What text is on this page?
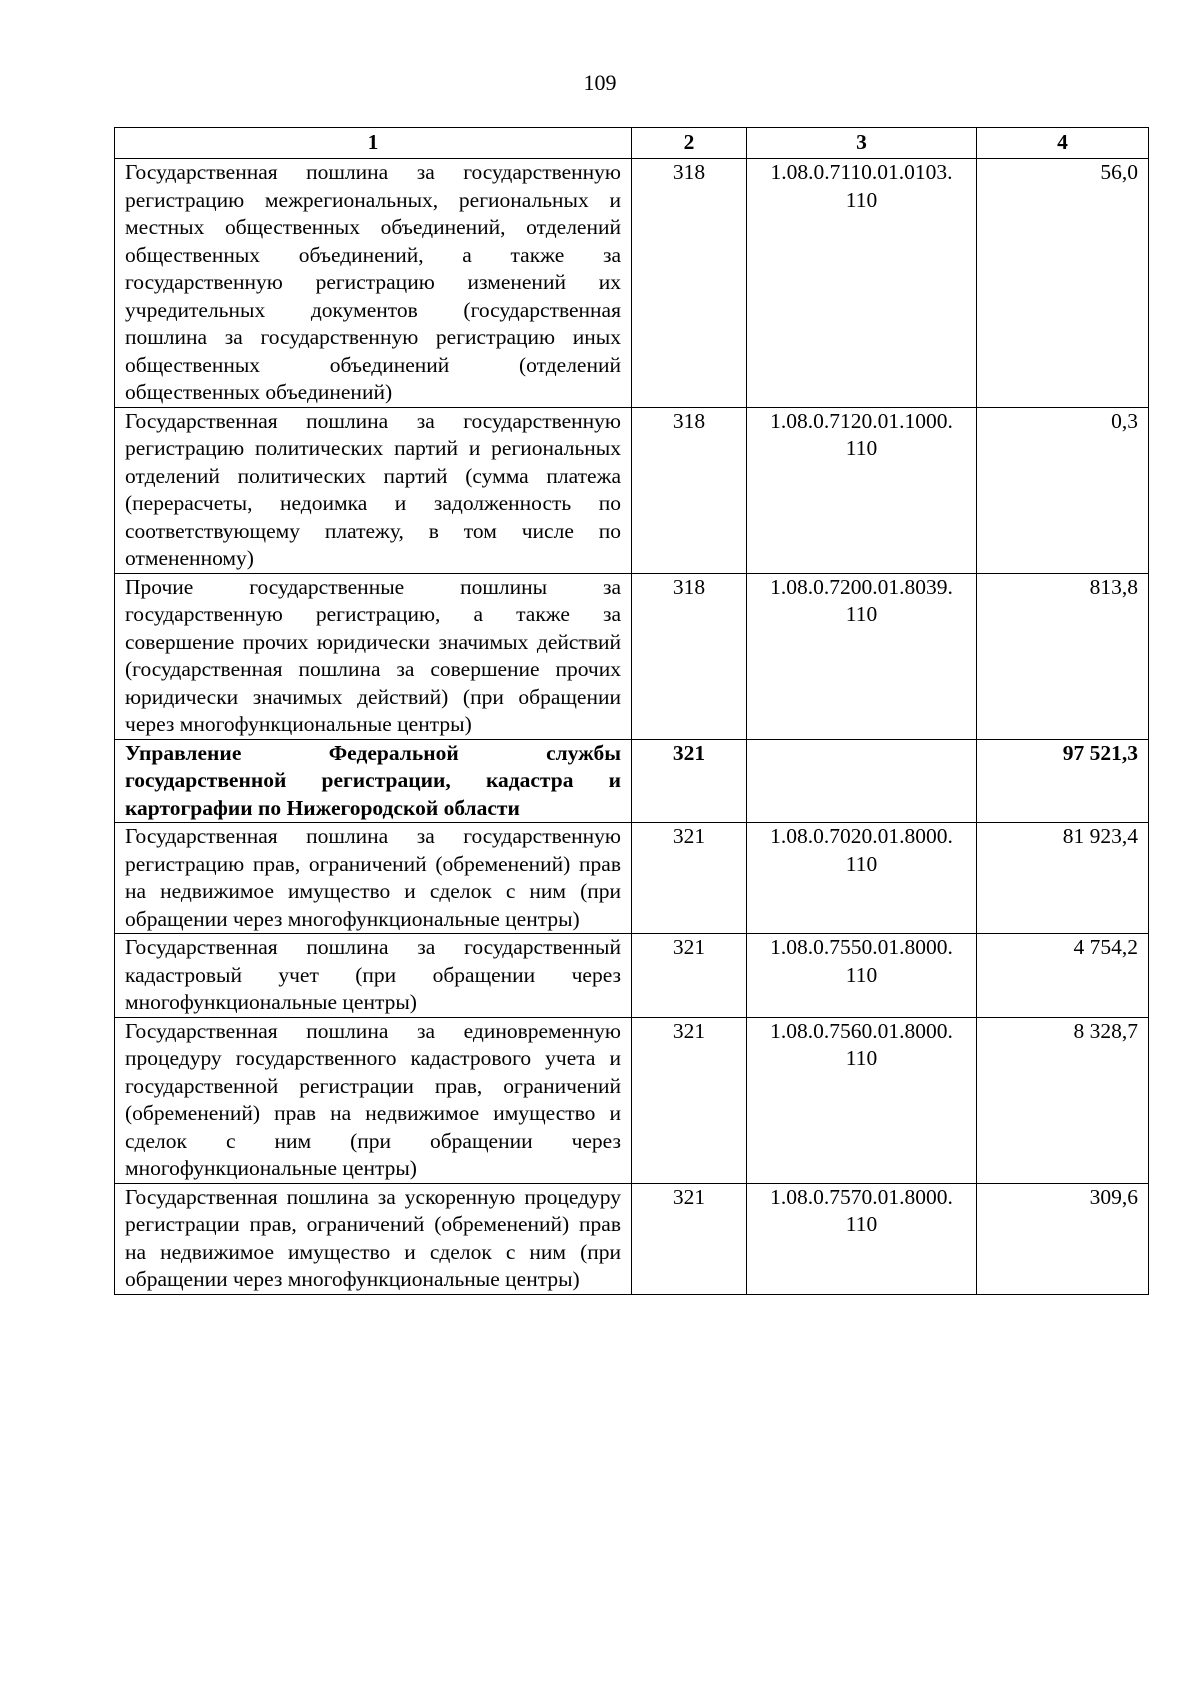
109
1	2	3	4
Государственная пошлина за государственную регистрацию межрегиональных, региональных и местных общественных объединений, отделений общественных объединений, а также за государственную регистрацию изменений их учредительных документов (государственная пошлина за государственную регистрацию иных общественных объединений (отделений общественных объединений)	318	1.08.0.7110.01.0103. 110	56,0
Государственная пошлина за государственную регистрацию политических партий и региональных отделений политических партий (сумма платежа (перерасчеты, недоимка и задолженность по соответствующему платежу, в том числе по отмененному)	318	1.08.0.7120.01.1000. 110	0,3
Прочие государственные пошлины за государственную регистрацию, а также за совершение прочих юридически значимых действий (государственная пошлина за совершение прочих юридически значимых действий) (при обращении через многофункциональные центры)	318	1.08.0.7200.01.8039. 110	813,8
Управление Федеральной службы государственной регистрации, кадастра и картографии по Нижегородской области	321		97 521,3
Государственная пошлина за государственную регистрацию прав, ограничений (обременений) прав на недвижимое имущество и сделок с ним (при обращении через многофункциональные центры)	321	1.08.0.7020.01.8000. 110	81 923,4
Государственная пошлина за государственный кадастровый учет (при обращении через многофункциональные центры)	321	1.08.0.7550.01.8000. 110	4 754,2
Государственная пошлина за единовременную процедуру государственного кадастрового учета и государственной регистрации прав, ограничений (обременений) прав на недвижимое имущество и сделок с ним (при обращении через многофункциональные центры)	321	1.08.0.7560.01.8000. 110	8 328,7
Государственная пошлина за ускоренную процедуру регистрации прав, ограничений (обременений) прав на недвижимое имущество и сделок с ним (при обращении через многофункциональные центры)	321	1.08.0.7570.01.8000. 110	309,6
